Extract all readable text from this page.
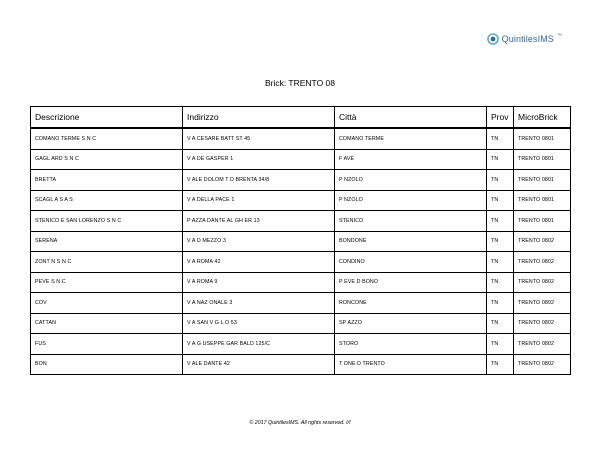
QuintilesIMS ™
Brick: TRENTO 08
Descrizione	Indirizzo	Città	Prov	MicroBrick
COMANO TERME S N C	V A CESARE BATT ST 45	COMANO TERME	TN	TRENTO 0801
GAGL ARD S N C	V A DE GASPER 1	F AVÉ	TN	TRENTO 0801
BRETTA	V ALE DOLOM T D BRENTA 34/8	P NZOLO	TN	TRENTO 0801
SCAGL A S A S	V A DELLA PACE 1	P NZOLO	TN	TRENTO 0801
STENICO E SAN LORENZO S N C	P AZZA DANTE AL GH ER 13	STENICO	TN	TRENTO 0801
SERENA	V A D MEZZO 3	BONDONE	TN	TRENTO 0802
ZONT N S N C	V A ROMA 42	CONDINO	TN	TRENTO 0802
PEVE S N C	V A ROMA 9	P EVE D BONO	TN	TRENTO 0802
COV	V A NAZ ONALE 3	RONCONE	TN	TRENTO 0802
CATTAN	V A SAN V G L O 53	SP AZZO	TN	TRENTO 0802
FUS	V A G USEPPE GAR BALD 125/C	STORO	TN	TRENTO 0802
BON	V ALE DANTE 42	T ONE D TRENTO	TN	TRENTO 0802
© 2017 QuintilesIMS. All rights reserved. I/I
